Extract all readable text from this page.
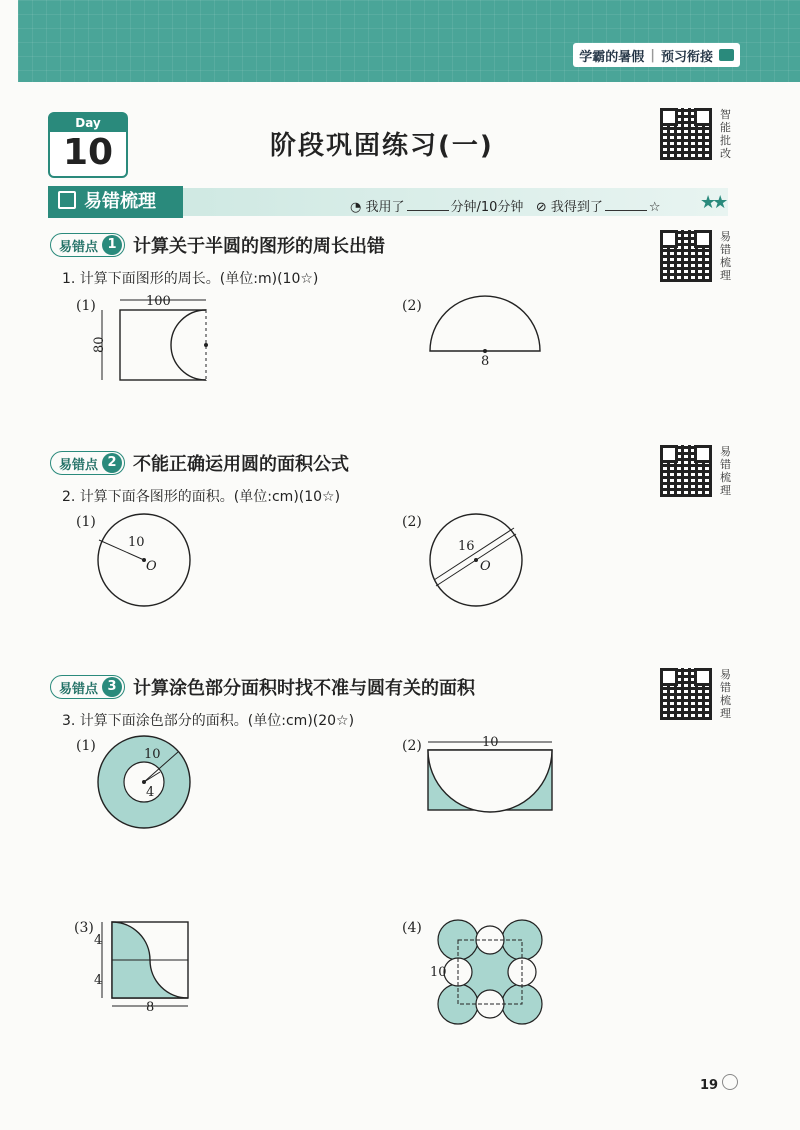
学霸的暑假 | 预习衔接
Day
10	阶段巩固练习(一)
智能批改
易错梳理	◔ 我用了	分钟/10分钟 ⊘ 我得到了	☆ ★★
易错点 1 计算关于半圆的图形的周长出错	易错梳理
1. 计算下面图形的周长。(单位:m)(10☆)
(1)	100
80
(2)
8
易错点 2 不能正确运用圆的面积公式
易错梳理
2. 计算下面各图形的面积。(单位:cm)(10☆)
(1)
10
O
(2)
16
O
易错点 3 计算涂色部分面积时找不准与圆有关的面积
易错梳理
3. 计算下面涂色部分的面积。(单位:cm)(20☆)
(1)
10
4
(2)	10
(3)
4
4
8
(4)
10
19
